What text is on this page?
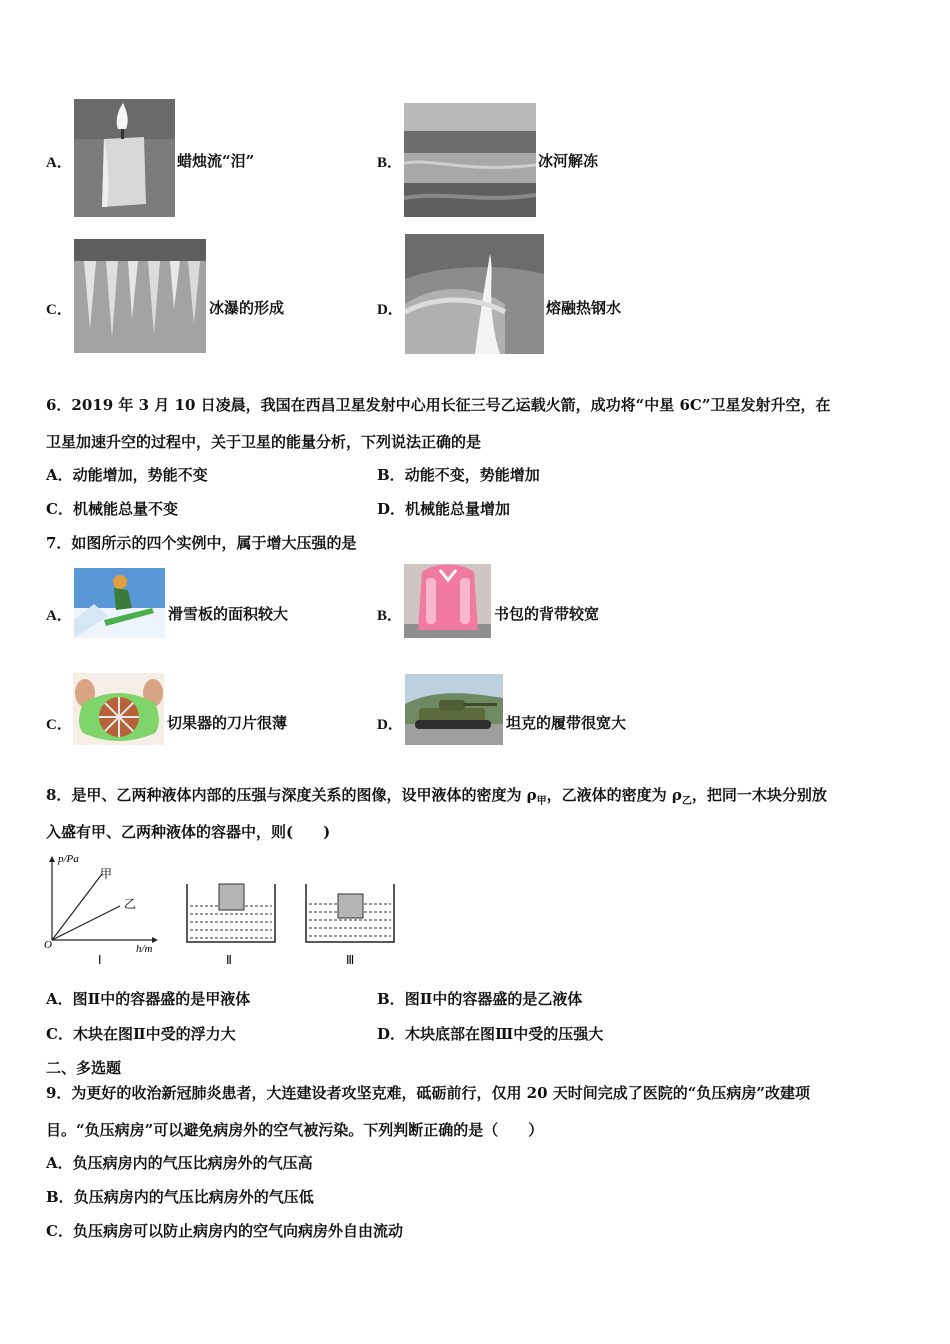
A．	蜡烛流“泪”	B．	冰河解冻
C．	冰瀑的形成	D．	熔融热钢水
6．2019 年 3 月 10 日凌晨，我国在西昌卫星发射中心用长征三号乙运载火箭，成功将“中星 6C”卫星发射升空，在
卫星加速升空的过程中，关于卫星的能量分析，下列说法正确的是
A．动能增加，势能不变	B．动能不变，势能增加
C．机械能总量不变	D．机械能总量增加
7．如图所示的四个实例中，属于增大压强的是
A．	滑雪板的面积较大	B．	书包的背带较宽
C．	切果器的刀片很薄	D．	坦克的履带很宽大
8．是甲、乙两种液体内部的压强与深度关系的图像，设甲液体的密度为 $\rho_甲$，乙液体的密度为 $\rho_乙$，把同一木块分别放
入盛有甲、乙两种液体的容器中，则(　　)
p/Pa
h/m
O
甲
乙
Ⅰ	Ⅱ	Ⅲ
A．图Ⅱ中的容器盛的是甲液体	B．图Ⅱ中的容器盛的是乙液体
C．木块在图Ⅱ中受的浮力大	D．木块底部在图Ⅲ中受的压强大
二、多选题
9．为更好的收治新冠肺炎患者，大连建设者攻坚克难，砥砺前行，仅用 20 天时间完成了医院的“负压病房”改建项
目。“负压病房”可以避免病房外的空气被污染。下列判断正确的是（　　）
A．负压病房内的气压比病房外的气压高
B．负压病房内的气压比病房外的气压低
C．负压病房可以防止病房内的空气向病房外自由流动
